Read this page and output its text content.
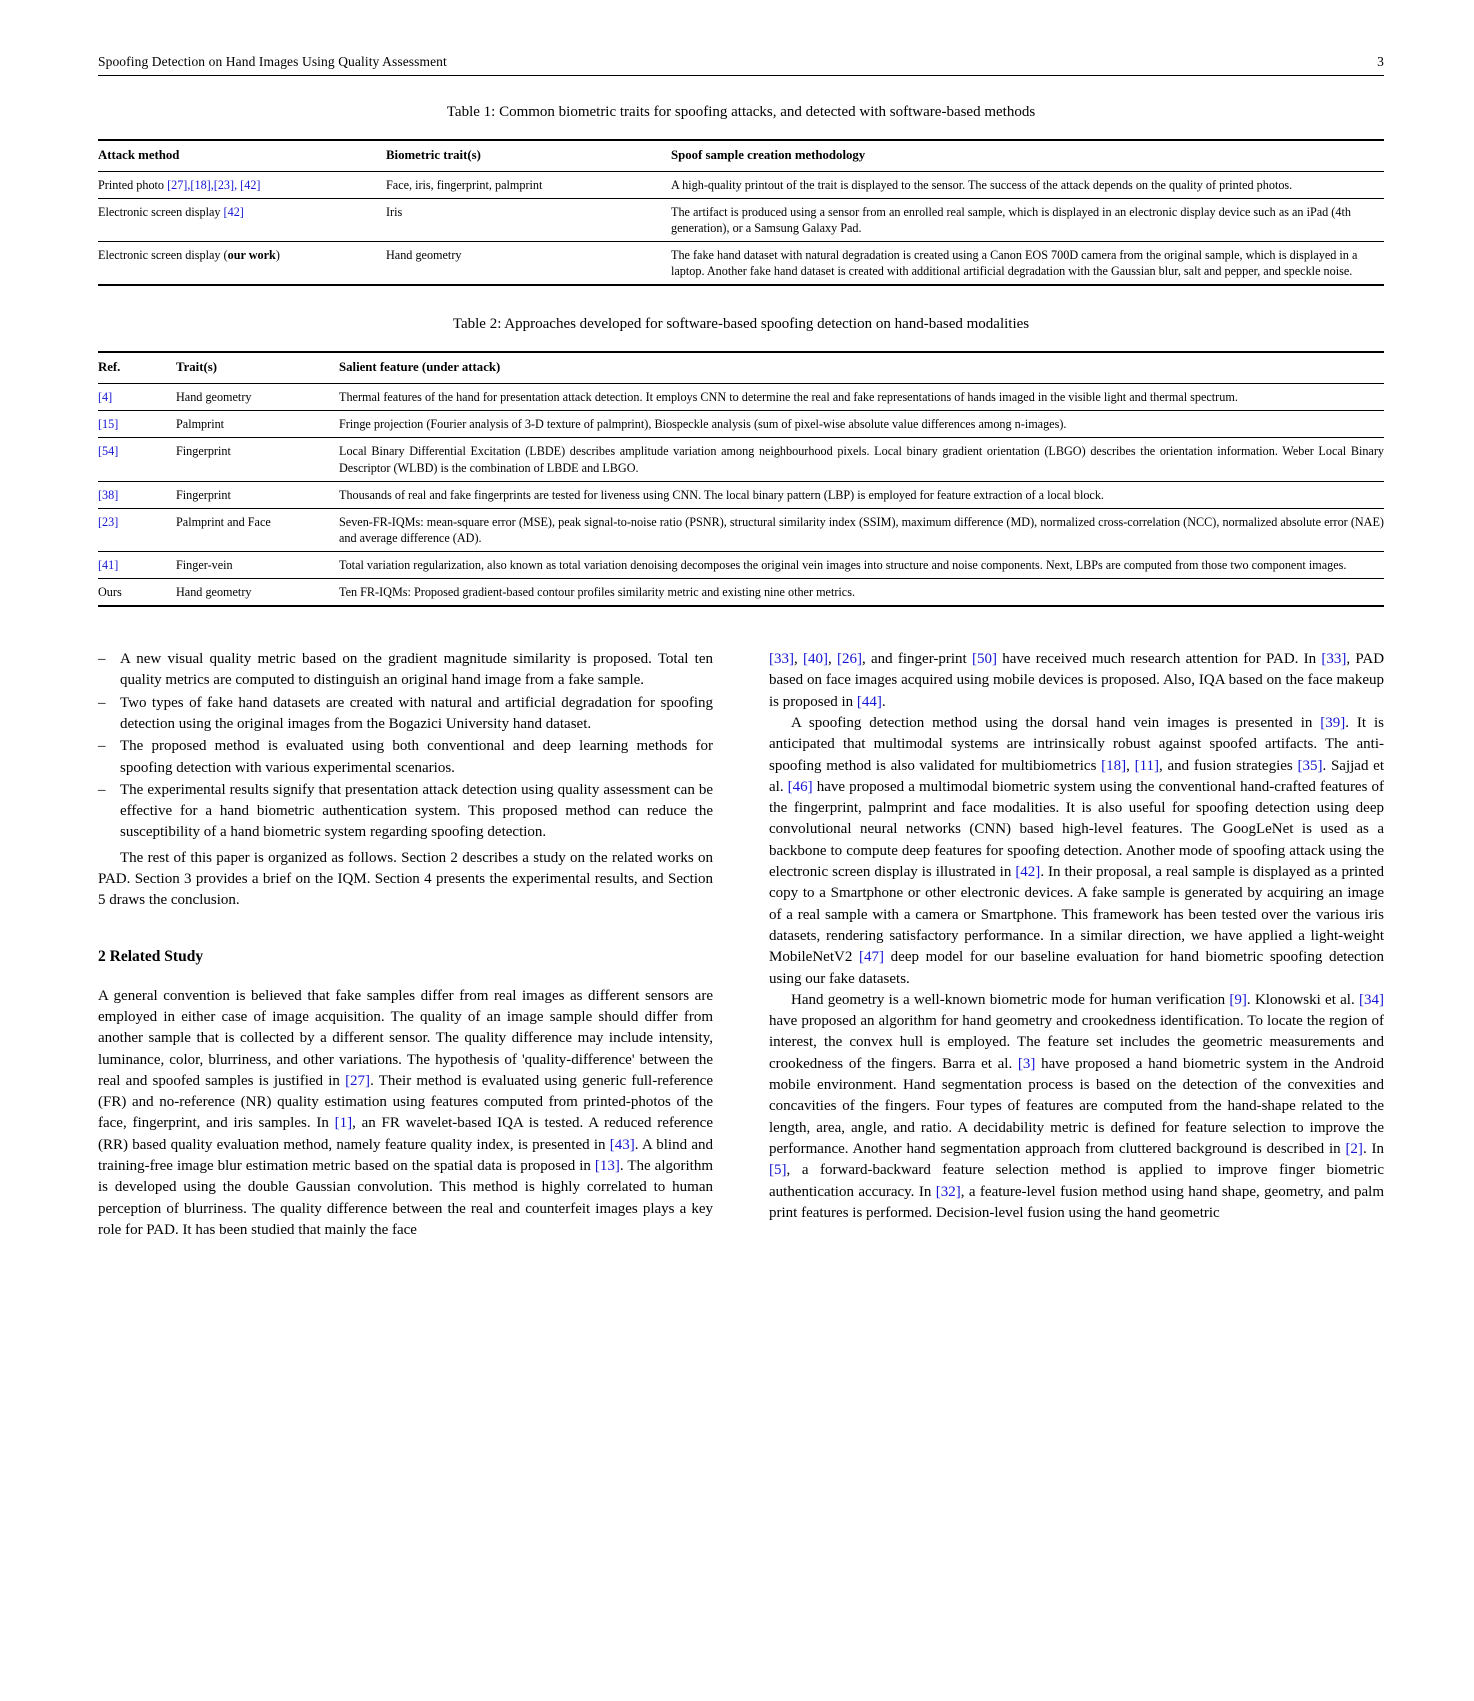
Spoofing Detection on Hand Images Using Quality Assessment	3
Table 1: Common biometric traits for spoofing attacks, and detected with software-based methods
Attack method	Biometric trait(s)	Spoof sample creation methodology
Printed photo [27],[18],[23], [42]	Face, iris, fingerprint, palmprint	A high-quality printout of the trait is displayed to the sensor. The success of the attack depends on the quality of printed photos.
Electronic screen display [42]	Iris	The artifact is produced using a sensor from an enrolled real sample, which is displayed in an electronic display device such as an iPad (4th generation), or a Samsung Galaxy Pad.
Electronic screen display (our work)	Hand geometry	The fake hand dataset with natural degradation is created using a Canon EOS 700D camera from the original sample, which is displayed in a laptop. Another fake hand dataset is created with additional artificial degradation with the Gaussian blur, salt and pepper, and speckle noise.
Table 2: Approaches developed for software-based spoofing detection on hand-based modalities
Ref.	Trait(s)	Salient feature (under attack)
[4]	Hand geometry	Thermal features of the hand for presentation attack detection. It employs CNN to determine the real and fake representations of hands imaged in the visible light and thermal spectrum.
[15]	Palmprint	Fringe projection (Fourier analysis of 3-D texture of palmprint), Biospeckle analysis (sum of pixel-wise absolute value differences among n-images).
[54]	Fingerprint	Local Binary Differential Excitation (LBDE) describes amplitude variation among neighbourhood pixels. Local binary gradient orientation (LBGO) describes the orientation information. Weber Local Binary Descriptor (WLBD) is the combination of LBDE and LBGO.
[38]	Fingerprint	Thousands of real and fake fingerprints are tested for liveness using CNN. The local binary pattern (LBP) is employed for feature extraction of a local block.
[23]	Palmprint and Face	Seven-FR-IQMs: mean-square error (MSE), peak signal-to-noise ratio (PSNR), structural similarity index (SSIM), maximum difference (MD), normalized cross-correlation (NCC), normalized absolute error (NAE) and average difference (AD).
[41]	Finger-vein	Total variation regularization, also known as total variation denoising decomposes the original vein images into structure and noise components. Next, LBPs are computed from those two component images.
Ours	Hand geometry	Ten FR-IQMs: Proposed gradient-based contour profiles similarity metric and existing nine other metrics.
– A new visual quality metric based on the gradient magnitude similarity is proposed. Total ten quality metrics are computed to distinguish an original hand image from a fake sample.
– Two types of fake hand datasets are created with natural and artificial degradation for spoofing detection using the original images from the Bogazici University hand dataset.
– The proposed method is evaluated using both conventional and deep learning methods for spoofing detection with various experimental scenarios.
– The experimental results signify that presentation attack detection using quality assessment can be effective for a hand biometric authentication system. This proposed method can reduce the susceptibility of a hand biometric system regarding spoofing detection.

The rest of this paper is organized as follows. Section 2 describes a study on the related works on PAD. Section 3 provides a brief on the IQM. Section 4 presents the experimental results, and Section 5 draws the conclusion.

2 Related Study

A general convention is believed that fake samples differ from real images as different sensors are employed in either case of image acquisition. The quality of an image sample should differ from another sample that is collected by a different sensor. The quality difference may include intensity, luminance, color, blurriness, and other variations. The hypothesis of 'quality-difference' between the real and spoofed samples is justified in [27]. Their method is evaluated using generic full-reference (FR) and no-reference (NR) quality estimation using features computed from printed-photos of the face, fingerprint, and iris samples. In [1], an FR wavelet-based IQA is tested. A reduced reference (RR) based quality evaluation method, namely feature quality index, is presented in [43]. A blind and training-free image blur estimation metric based on the spatial data is proposed in [13]. The algorithm is developed using the double Gaussian convolution. This method is highly correlated to human perception of blurriness. The quality difference between the real and counterfeit images plays a key role for PAD. It has been studied that mainly the face

[33], [40], [26], and finger-print [50] have received much research attention for PAD. In [33], PAD based on face images acquired using mobile devices is proposed. Also, IQA based on the face makeup is proposed in [44].

A spoofing detection method using the dorsal hand vein images is presented in [39]. It is anticipated that multimodal systems are intrinsically robust against spoofed artifacts. The anti-spoofing method is also validated for multibiometrics [18], [11], and fusion strategies [35]. Sajjad et al. [46] have proposed a multimodal biometric system using the conventional hand-crafted features of the fingerprint, palmprint and face modalities. It is also useful for spoofing detection using deep convolutional neural networks (CNN) based high-level features. The GoogLeNet is used as a backbone to compute deep features for spoofing detection. Another mode of spoofing attack using the electronic screen display is illustrated in [42]. In their proposal, a real sample is displayed as a printed copy to a Smartphone or other electronic devices. A fake sample is generated by acquiring an image of a real sample with a camera or Smartphone. This framework has been tested over the various iris datasets, rendering satisfactory performance. In a similar direction, we have applied a light-weight MobileNetV2 [47] deep model for our baseline evaluation for hand biometric spoofing detection using our fake datasets.

Hand geometry is a well-known biometric mode for human verification [9]. Klonowski et al. [34] have proposed an algorithm for hand geometry and crookedness identification. To locate the region of interest, the convex hull is employed. The feature set includes the geometric measurements and crookedness of the fingers. Barra et al. [3] have proposed a hand biometric system in the Android mobile environment. Hand segmentation process is based on the detection of the convexities and concavities of the fingers. Four types of features are computed from the hand-shape related to the length, area, angle, and ratio. A decidability metric is defined for feature selection to improve the performance. Another hand segmentation approach from cluttered background is described in [2]. In [5], a forward-backward feature selection method is applied to improve finger biometric authentication accuracy. In [32], a feature-level fusion method using hand shape, geometry, and palm print features is performed. Decision-level fusion using the hand geometric
